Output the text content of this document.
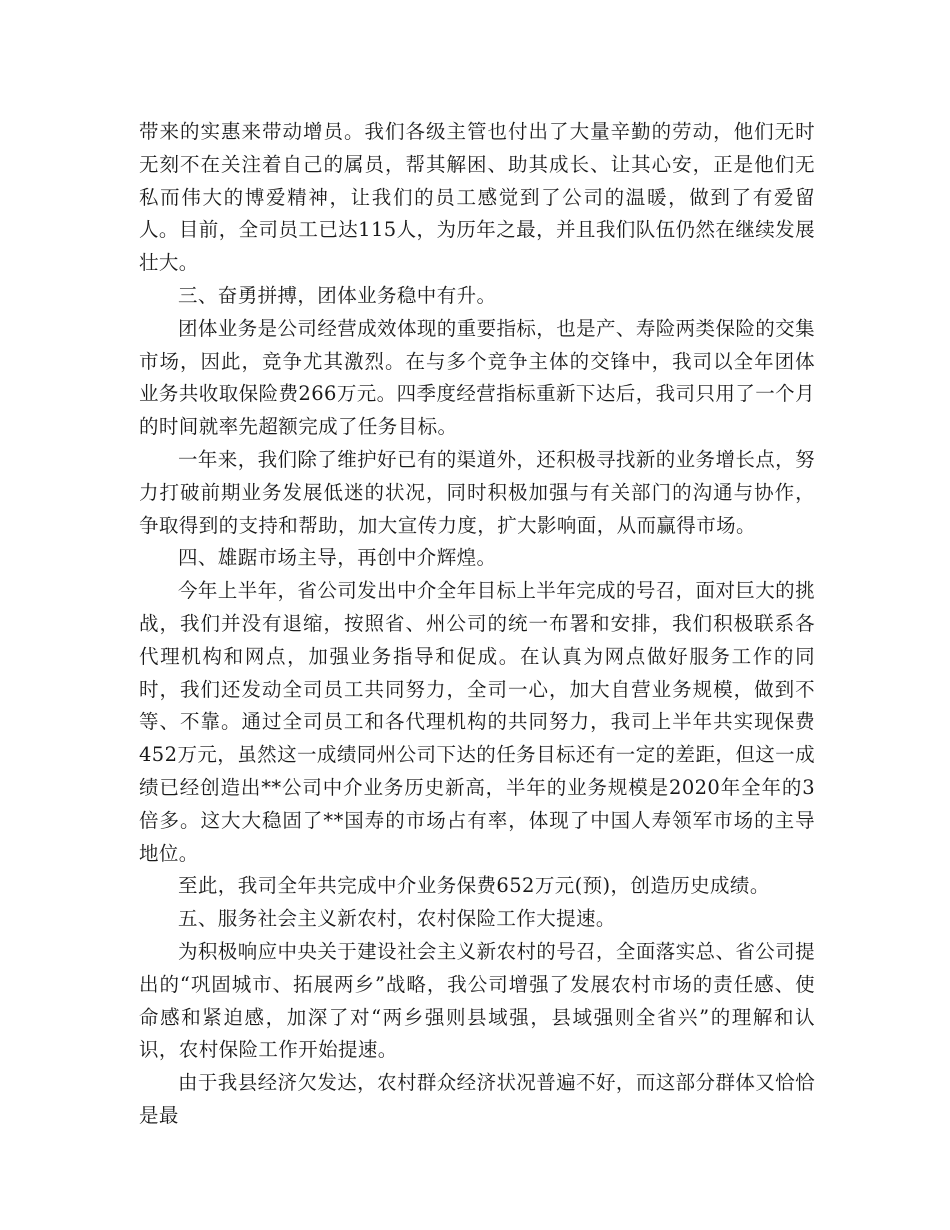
带来的实惠来带动增员。我们各级主管也付出了大量辛勤的劳动，他们无时无刻不在关注着自己的属员，帮其解困、助其成长、让其心安，正是他们无私而伟大的博爱精神，让我们的员工感觉到了公司的温暖，做到了有爱留人。目前，全司员工已达115人，为历年之最，并且我们队伍仍然在继续发展壮大。

三、奋勇拼搏，团体业务稳中有升。

团体业务是公司经营成效体现的重要指标，也是产、寿险两类保险的交集市场，因此，竞争尤其激烈。在与多个竞争主体的交锋中，我司以全年团体业务共收取保险费266万元。四季度经营指标重新下达后，我司只用了一个月的时间就率先超额完成了任务目标。

一年来，我们除了维护好已有的渠道外，还积极寻找新的业务增长点，努力打破前期业务发展低迷的状况，同时积极加强与有关部门的沟通与协作，争取得到的支持和帮助，加大宣传力度，扩大影响面，从而赢得市场。

四、雄踞市场主导，再创中介辉煌。

今年上半年，省公司发出中介全年目标上半年完成的号召，面对巨大的挑战，我们并没有退缩，按照省、州公司的统一布署和安排，我们积极联系各代理机构和网点，加强业务指导和促成。在认真为网点做好服务工作的同时，我们还发动全司员工共同努力，全司一心，加大自营业务规模，做到不等、不靠。通过全司员工和各代理机构的共同努力，我司上半年共实现保费452万元，虽然这一成绩同州公司下达的任务目标还有一定的差距，但这一成绩已经创造出**公司中介业务历史新高，半年的业务规模是2020年全年的3倍多。这大大稳固了**国寿的市场占有率，体现了中国人寿领军市场的主导地位。

至此，我司全年共完成中介业务保费652万元(预)，创造历史成绩。

五、服务社会主义新农村，农村保险工作大提速。

为积极响应中央关于建设社会主义新农村的号召，全面落实总、省公司提出的“巩固城市、拓展两乡”战略，我公司增强了发展农村市场的责任感、使命感和紧迫感，加深了对“两乡强则县域强，县域强则全省兴”的理解和认识，农村保险工作开始提速。

由于我县经济欠发达，农村群众经济状况普遍不好，而这部分群体又恰恰是最
